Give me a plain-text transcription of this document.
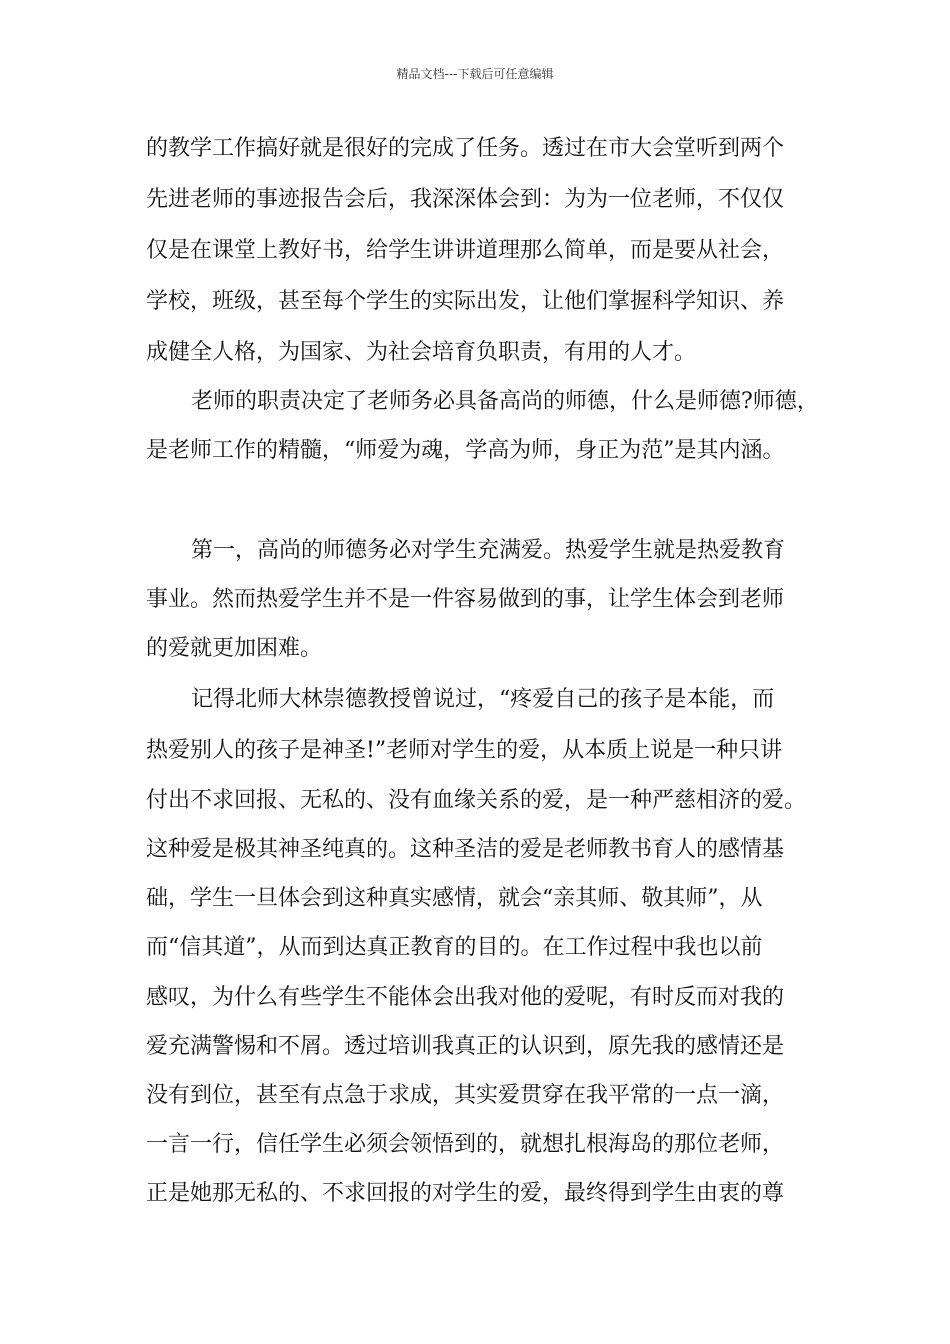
精品文档---下载后可任意编辑
的教学工作搞好就是很好的完成了任务。透过在市大会堂听到两个
先进老师的事迹报告会后，我深深体会到：为为一位老师，不仅仅
仅是在课堂上教好书，给学生讲讲道理那么简单，而是要从社会，
学校，班级，甚至每个学生的实际出发，让他们掌握科学知识、养
成健全人格，为国家、为社会培育负职责，有用的人才。
老师的职责决定了老师务必具备高尚的师德，什么是师德?师德，
是老师工作的精髓，“师爱为魂，学高为师，身正为范”是其内涵。
第一，高尚的师德务必对学生充满爱。热爱学生就是热爱教育
事业。然而热爱学生并不是一件容易做到的事，让学生体会到老师
的爱就更加困难。
记得北师大林崇德教授曾说过，“疼爱自己的孩子是本能，而
热爱别人的孩子是神圣!”老师对学生的爱，从本质上说是一种只讲
付出不求回报、无私的、没有血缘关系的爱，是一种严慈相济的爱。
这种爱是极其神圣纯真的。这种圣洁的爱是老师教书育人的感情基
础，学生一旦体会到这种真实感情，就会“亲其师、敬其师”，从
而“信其道”，从而到达真正教育的目的。在工作过程中我也以前
感叹，为什么有些学生不能体会出我对他的爱呢，有时反而对我的
爱充满警惕和不屑。透过培训我真正的认识到，原先我的感情还是
没有到位，甚至有点急于求成，其实爱贯穿在我平常的一点一滴，
一言一行，信任学生必须会领悟到的，就想扎根海岛的那位老师，
正是她那无私的、不求回报的对学生的爱，最终得到学生由衷的尊
